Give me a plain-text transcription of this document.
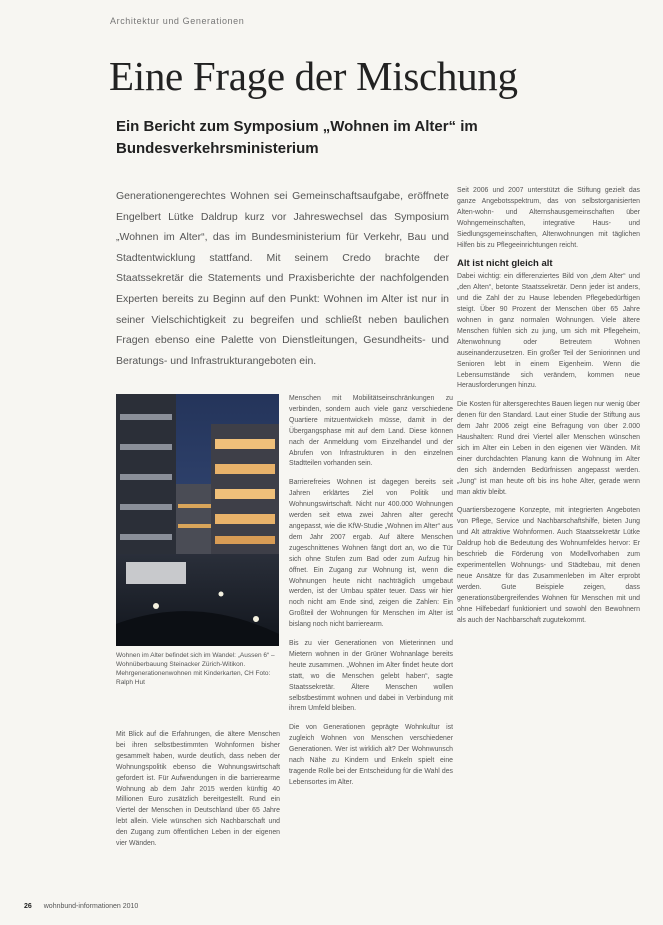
Architektur und Generationen
Eine Frage der Mischung
Ein Bericht zum Symposium „Wohnen im Alter“ im Bundesverkehrsministerium
Generationengerechtes Wohnen sei Gemeinschaftsaufgabe, eröffnete Engelbert Lütke Daldrup kurz vor Jahreswechsel das Symposium „Wohnen im Alter“, das im Bundesministerium für Verkehr, Bau und Stadtentwicklung stattfand. Mit seinem Credo brachte der Staatssekretär die Statements und Praxisberichte der nachfolgenden Experten bereits zu Beginn auf den Punkt: Wohnen im Alter ist nur in seiner Vielschichtigkeit zu begreifen und schließt neben baulichen Fragen ebenso eine Palette von Dienstleitungen, Gesundheits- und Beratungs- und Infrastrukturangeboten ein.

Seit 2006 und 2007 unterstützt die Stiftung gezielt das ganze Angebotsspektrum, das von selbstorganisierten Alten-wohn- und Alternshausgemeinschaften über Wohngemeinschaften, integrative Haus- und Siedlungsgemeinschaften, Altenwohnungen mit täglichen Hilfen bis zu Pflegeeinrichtungen reicht.

Alt ist nicht gleich alt

Dabei wichtig: ein differenziertes Bild von „dem Alter“ und „den Alten“, betonte Staatssekretär. Denn jeder ist anders, und die Zahl der zu Hause lebenden Pflegebedürftigen steigt. Über 90 Prozent der Menschen über 65 Jahre wohnen in ganz normalen Wohnungen. Viele ältere Menschen fühlen sich zu jung, um sich mit Pflegeheim, Altenwohnung oder Betreutem Wohnen auseinanderzusetzen. Ein großer Teil der Seniorinnen und Senioren lebt in einem Eigenheim. Wenn die Lebensumstände sich verändern, kommen neue Herausforderungen hinzu.

Die Kosten für altersgerechtes Bauen liegen nur wenig über denen für den Standard. Laut einer Studie der Stiftung aus dem Jahr 2006 zeigt eine Befragung von über 2.000 Haushalten: Rund drei Viertel aller Menschen wünschen sich im Alter ein Leben in den eigenen vier Wänden. Mit einer durchdachten Planung kann die Wohnung im Alter den sich ändernden Bedürfnissen angepasst werden. „Jung“ ist man heute oft bis ins hohe Alter, gerade wenn man aktiv bleibt.

Quartiersbezogene Konzepte, mit integrierten Angeboten von Pflege, Service und Nachbarschaftshilfe, bieten Jung und Alt attraktive Wohnformen. Auch Staatssekretär Lütke Daldrup hob die Bedeutung des Wohnumfeldes hervor: Er beschrieb die Förderung von Modellvorhaben zum experimentellen Wohnungs- und Städtebau, mit denen neue Ansätze für das Zusammenleben im Alter erprobt werden. Gute Beispiele zeigen, dass generationsübergreifendes Wohnen für Menschen mit und ohne Hilfebedarf funktioniert und sowohl den Bewohnern als auch der Nachbarschaft zugutekommt.

Wohnen im Alter befindet sich im Wandel: „Aussen 6“ – Wohnüberbauung Steinacker Zürich-Witikon. Mehrgenerationenwohnen mit Kinderkarten, CH Foto: Ralph Hut

Menschen mit Mobilitätseinschränkungen zu verbinden, sondern auch viele ganz verschiedene Quartiere mitzuentwickeln müsse, damit in der Übergangsphase mit auf dem Land. Diese können nach der Anmeldung vom Einzelhandel und der Abrufen von Infrastrukturen in den einzelnen Stadtteilen vorhanden sein.

Barrierefreies Wohnen ist dagegen bereits seit Jahren erklärtes Ziel von Politik und Wohnungswirtschaft. Nicht nur 400.000 Wohnungen werden seit etwa zwei Jahren alter gerecht angepasst, wie die KfW-Studie „Wohnen im Alter“ aus dem Jahr 2007 ergab. Auf ältere Menschen zugeschnittenes Wohnen fängt dort an, wo die Tür sich ohne Stufen zum Bad oder zum Aufzug hin öffnet. Ein Zugang zur Wohnung ist, wenn die Wohnungen heute nicht nachträglich umgebaut werden, ist der Umbau später teuer. Dass wir hier noch nicht am Ende sind, zeigen die Zahlen: Ein Großteil der Wohnungen für Menschen im Alter ist bislang noch nicht barrierearm.

Bis zu vier Generationen von Mieterinnen und Mietern wohnen in der Grüner Wohnanlage bereits heute zusammen. „Wohnen im Alter findet heute dort statt, wo die Menschen gelebt haben“, sagte Staatssekretär. Ältere Menschen wollen selbstbestimmt wohnen und dabei in Verbindung mit ihrem Umfeld bleiben.

Die von Generationen geprägte Wohnkultur ist zugleich Wohnen von Menschen verschiedener Generationen. Wer ist wirklich alt? Der Wohnwunsch nach Nähe zu Kindern und Enkeln spielt eine tragende Rolle bei der Entscheidung für die Wahl des Lebensortes im Alter.

Mit Blick auf die Erfahrungen, die ältere Menschen bei ihren selbstbestimmten Wohnformen bisher gesammelt haben, wurde deutlich, dass neben der Wohnungspolitik ebenso die Wohnungswirtschaft gefordert ist. Für Aufwendungen in die barrierearme Wohnung ab dem Jahr 2015 werden künftig 40 Millionen Euro zusätzlich bereitgestellt. Rund ein Viertel der Menschen in Deutschland über 65 Jahre lebt allein. Viele wünschen sich Nachbarschaft und den Zugang zum öffentlichen Leben in der eigenen vier Wänden.

26 wohnbund-informationen 2010
